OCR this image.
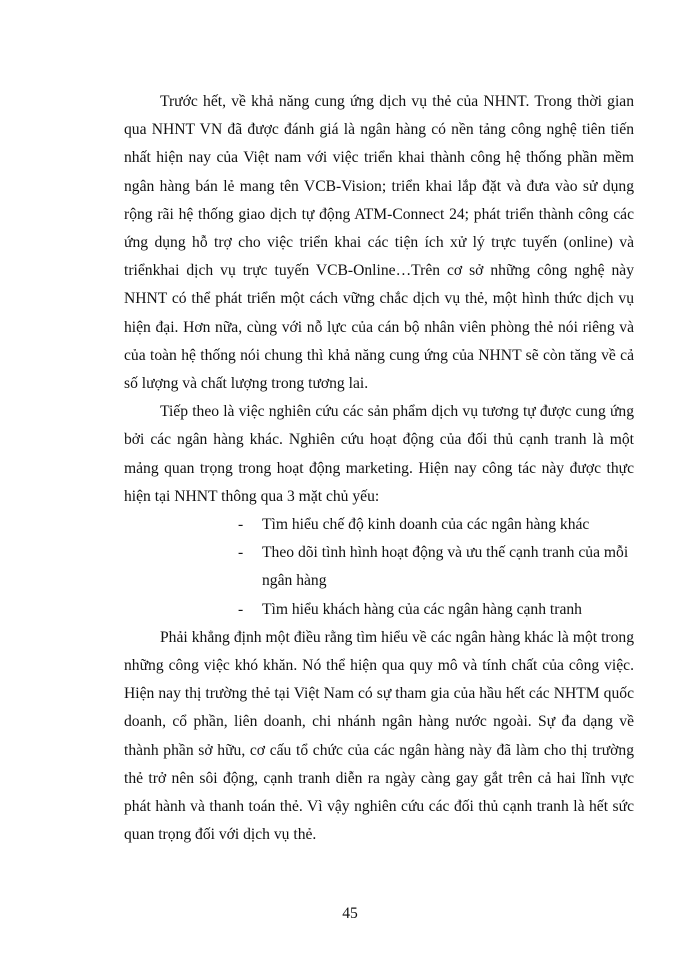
Trước hết, về khả năng cung ứng dịch vụ thẻ của NHNT. Trong thời gian qua NHNT VN đã được đánh giá là ngân hàng có nền tảng công nghệ tiên tiến nhất hiện nay của Việt nam với việc triển khai thành công hệ thống phần mềm ngân hàng bán lẻ mang tên VCB-Vision; triển khai lắp đặt và đưa vào sử dụng rộng rãi hệ thống giao dịch tự động ATM-Connect 24; phát triển thành công các ứng dụng hỗ trợ cho việc triển khai các tiện ích xử lý trực tuyến (online) và triểnkhai dịch vụ trực tuyến VCB-Online…Trên cơ sở những công nghệ này NHNT có thể phát triển một cách vững chắc dịch vụ thẻ, một hình thức dịch vụ hiện đại. Hơn nữa, cùng với nỗ lực của cán bộ nhân viên phòng thẻ nói riêng và của toàn hệ thống nói chung thì khả năng cung ứng của NHNT sẽ còn tăng về cả số lượng và chất lượng trong tương lai.

Tiếp theo là việc nghiên cứu các sản phẩm dịch vụ tương tự được cung ứng bởi các ngân hàng khác. Nghiên cứu hoạt động của đối thủ cạnh tranh là một mảng quan trọng trong hoạt động marketing. Hiện nay công tác này được thực hiện tại NHNT thông qua 3 mặt chủ yếu:

- Tìm hiểu chế độ kinh doanh của các ngân hàng khác
- Theo dõi tình hình hoạt động và ưu thế cạnh tranh của mỗi ngân hàng
- Tìm hiểu khách hàng của các ngân hàng cạnh tranh

Phải khẳng định một điều rằng tìm hiểu về các ngân hàng khác là một trong những công việc khó khăn. Nó thể hiện qua quy mô và tính chất của công việc. Hiện nay thị trường thẻ tại Việt Nam có sự tham gia của hầu hết các NHTM quốc doanh, cổ phần, liên doanh, chi nhánh ngân hàng nước ngoài. Sự đa dạng về thành phần sở hữu, cơ cấu tổ chức của các ngân hàng này đã làm cho thị trường thẻ trở nên sôi động, cạnh tranh diễn ra ngày càng gay gắt trên cả hai lĩnh vực phát hành và thanh toán thẻ. Vì vậy nghiên cứu các đối thủ cạnh tranh là hết sức quan trọng đối với dịch vụ thẻ.

45
